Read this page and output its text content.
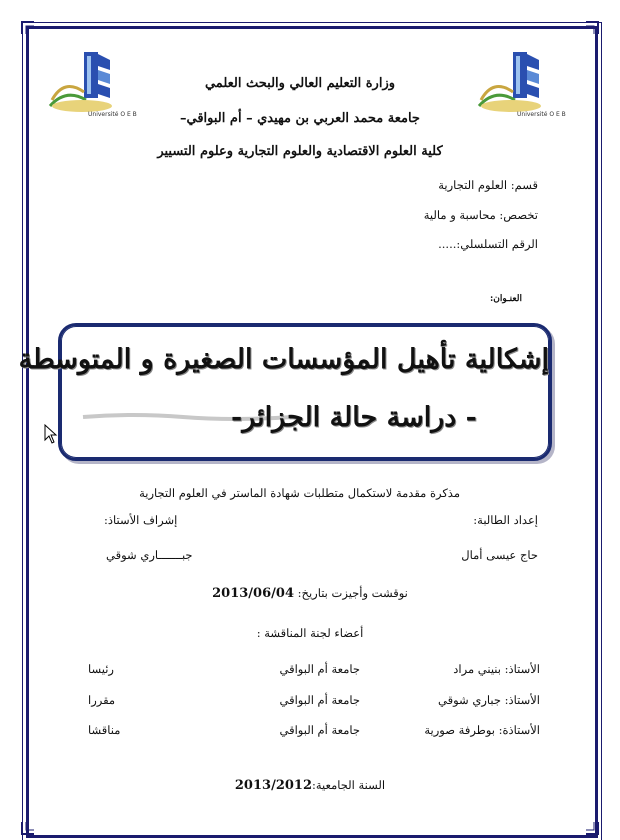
Université O E B	Université O E B
وزارة التعليم العالي والبحث العلمي
جامعة محمد العربي بن مهيدي – أم البواقي–
كلية العلوم الاقتصادية والعلوم التجارية وعلوم التسيير
قسم: العلوم التجارية
تخصص: محاسبة و مالية
الرقم التسلسلي:.....
العنـوان:
إشكالية تأهيل المؤسسات الصغيرة و المتوسطة
- دراسة حالة الجزائر-
مذكرة مقدمة لاستكمال متطلبات شهادة الماستر في العلوم التجارية
إعداد الطالبة:
إشراف الأستاذ:
حاج عيسى أمال
جبـــــــاري شوقي
نوقشت وأجيزت بتاريخ: 2013/06/04
أعضاء لجنة المناقشة :
الأستاذ: بنيني مراد
جامعة أم البواقي
رئيسا
الأستاذ: جباري شوقي
جامعة أم البواقي
مقررا
الأستاذة: بوطرفة صورية
جامعة أم البواقي
مناقشا
السنة الجامعية:2013/2012
